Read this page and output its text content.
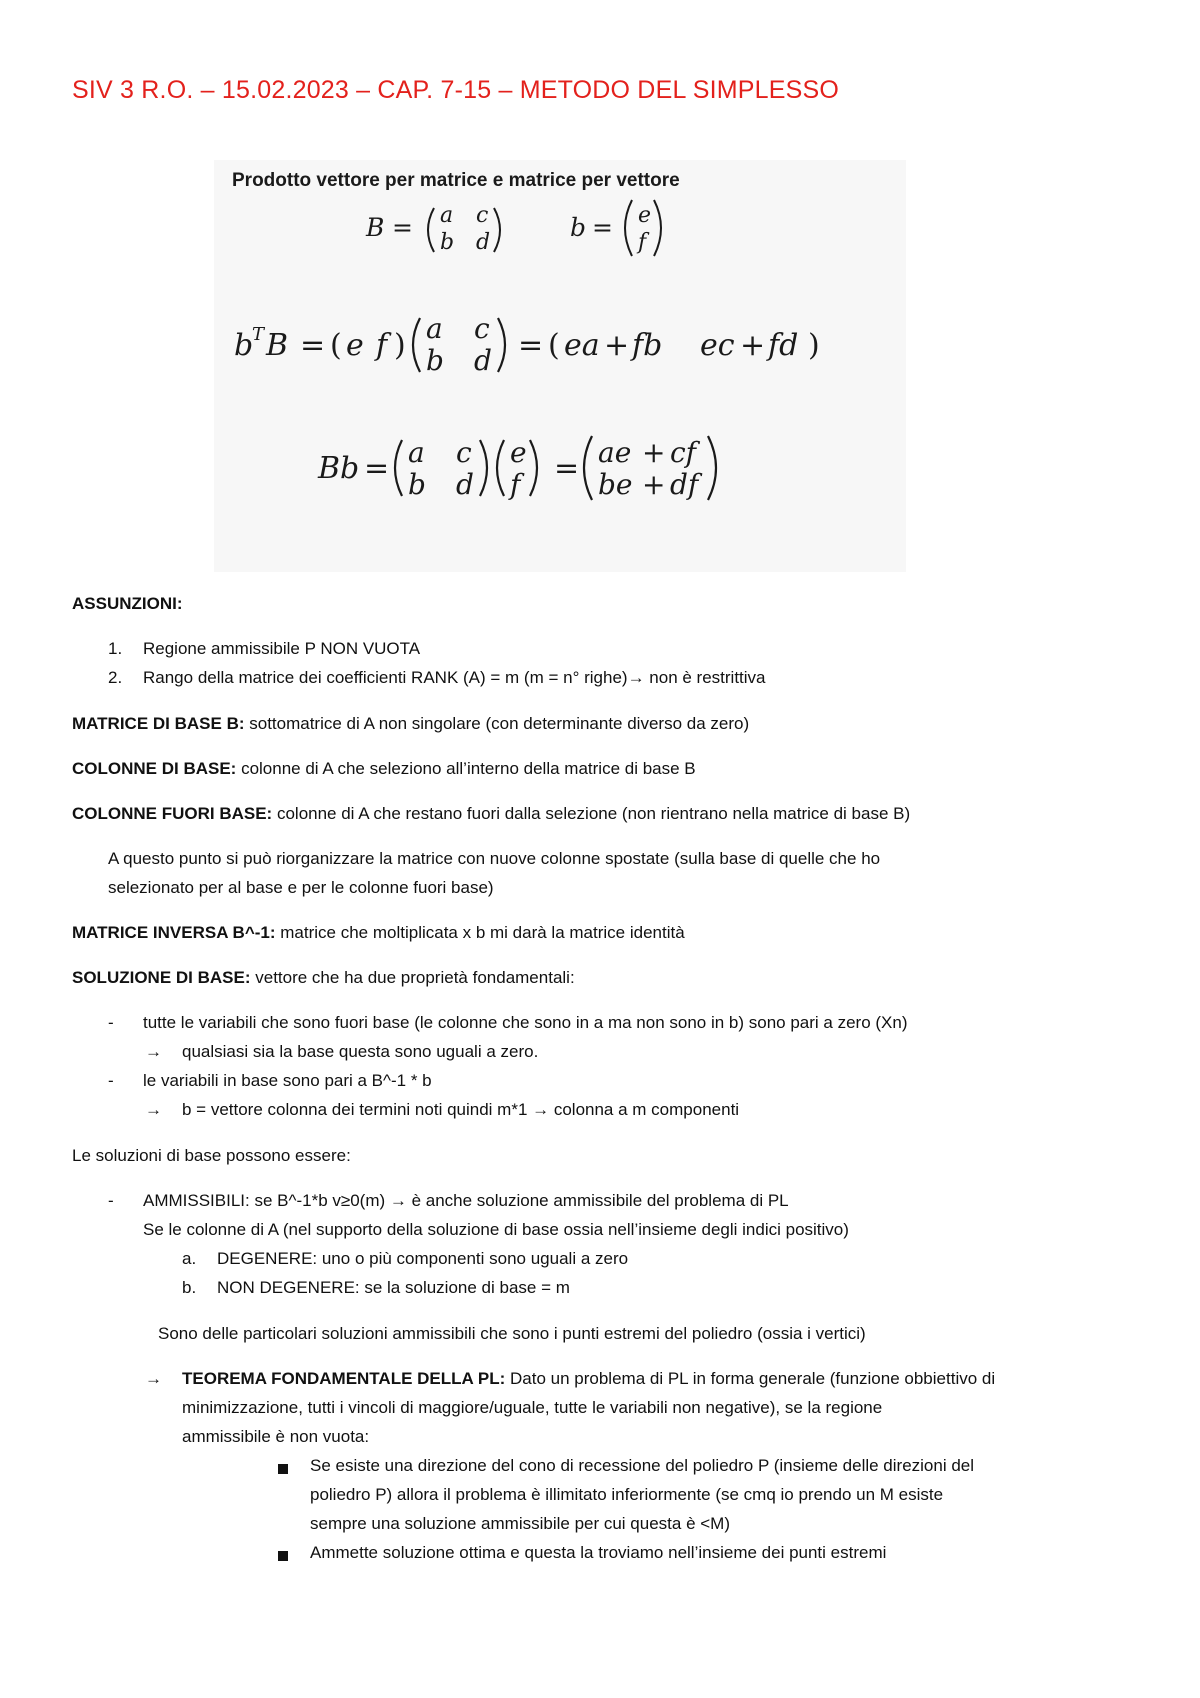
SIV 3 R.O. – 15.02.2023 – CAP. 7-15 – METODO DEL SIMPLESSO
Prodotto vettore per matrice e matrice per vettore
B = a c
b d
b = e
f
b
T B = ( e f ) a c
b d = ( ea + fb ec + fd )
Bb = a c
b d
e
f = ae + cf
be + df
ASSUNZIONI:
1. Regione ammissibile P NON VUOTA
2. Rango della matrice dei coefficienti RANK (A) = m (m = n° righe)→ non è restrittiva
MATRICE DI BASE B: sottomatrice di A non singolare (con determinante diverso da zero)
COLONNE DI BASE: colonne di A che seleziono all’interno della matrice di base B
COLONNE FUORI BASE: colonne di A che restano fuori dalla selezione (non rientrano nella matrice di base B)
A questo punto si può riorganizzare la matrice con nuove colonne spostate (sulla base di quelle che ho
selezionato per al base e per le colonne fuori base)
MATRICE INVERSA B^-1: matrice che moltiplicata x b mi darà la matrice identità
SOLUZIONE DI BASE: vettore che ha due proprietà fondamentali:
- tutte le variabili che sono fuori base (le colonne che sono in a ma non sono in b) sono pari a zero (Xn)
→ qualsiasi sia la base questa sono uguali a zero.
- le variabili in base sono pari a B^-1 * b
→ b = vettore colonna dei termini noti quindi m*1 → colonna a m componenti
Le soluzioni di base possono essere:
- AMMISSIBILI: se B^-1*b v≥0(m) → è anche soluzione ammissibile del problema di PL
Se le colonne di A (nel supporto della soluzione di base ossia nell’insieme degli indici positivo)
a. DEGENERE: uno o più componenti sono uguali a zero
b. NON DEGENERE: se la soluzione di base = m
Sono delle particolari soluzioni ammissibili che sono i punti estremi del poliedro (ossia i vertici)
→ TEOREMA FONDAMENTALE DELLA PL: Dato un problema di PL in forma generale (funzione obbiettivo di
minimizzazione, tutti i vincoli di maggiore/uguale, tutte le variabili non negative), se la regione
ammissibile è non vuota:
Se esiste una direzione del cono di recessione del poliedro P (insieme delle direzioni del
poliedro P) allora il problema è illimitato inferiormente (se cmq io prendo un M esiste
sempre una soluzione ammissibile per cui questa è <M)
Ammette soluzione ottima e questa la troviamo nell’insieme dei punti estremi
